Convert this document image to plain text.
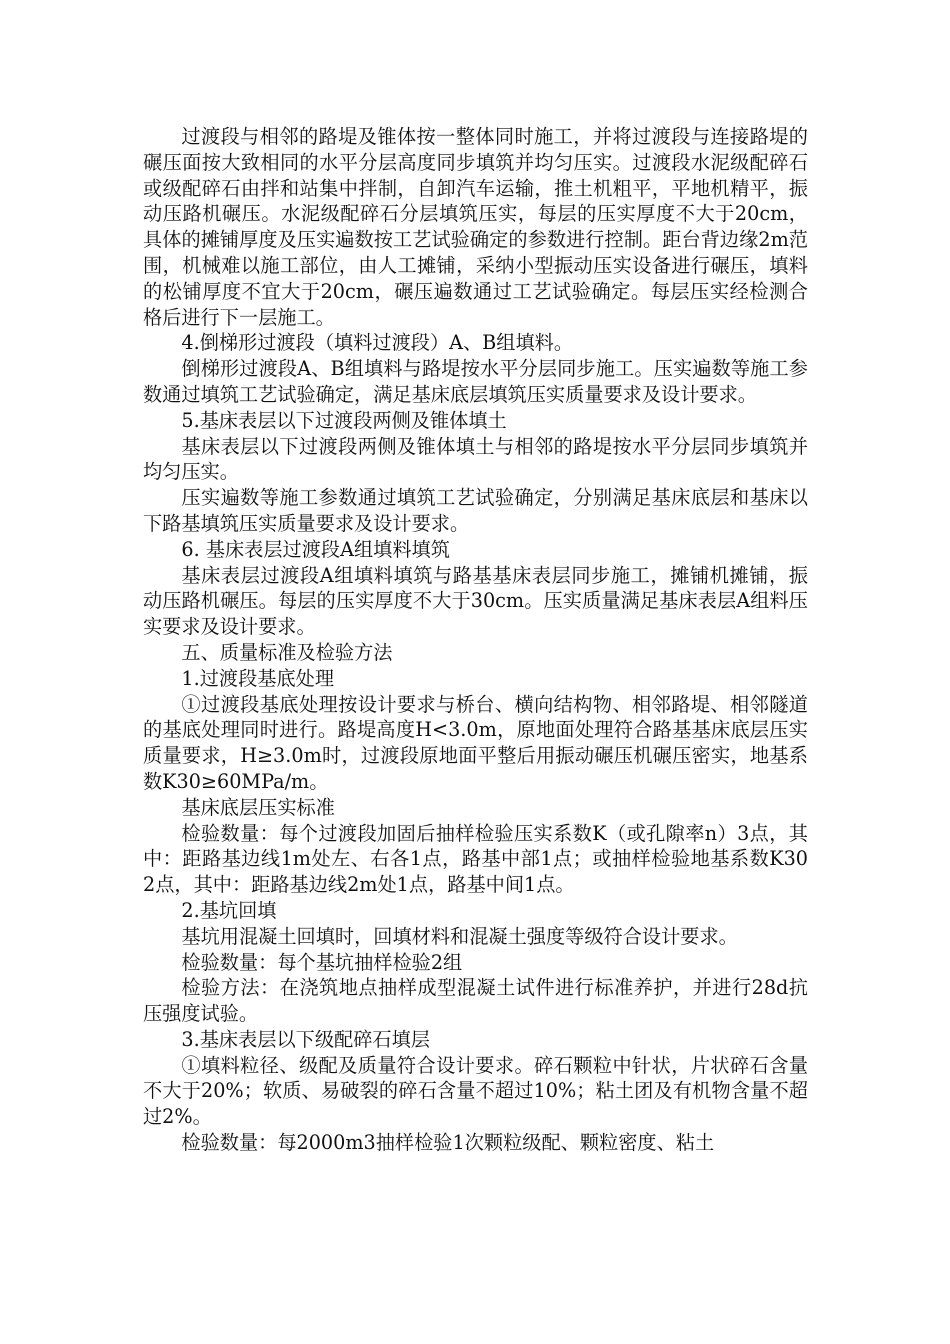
过渡段与相邻的路堤及锥体按一整体同时施工，并将过渡段与连接路堤的碾压面按大致相同的水平分层高度同步填筑并均匀压实。过渡段水泥级配碎石或级配碎石由拌和站集中拌制，自卸汽车运输，推土机粗平，平地机精平，振动压路机碾压。水泥级配碎石分层填筑压实，每层的压实厚度不大于20cm，具体的摊铺厚度及压实遍数按工艺试验确定的参数进行控制。距台背边缘2m范围，机械难以施工部位，由人工摊铺，采纳小型振动压实设备进行碾压，填料的松铺厚度不宜大于20cm，碾压遍数通过工艺试验确定。每层压实经检测合格后进行下一层施工。

4.倒梯形过渡段（填料过渡段）A、B组填料。

倒梯形过渡段A、B组填料与路堤按水平分层同步施工。压实遍数等施工参数通过填筑工艺试验确定，满足基床底层填筑压实质量要求及设计要求。

5.基床表层以下过渡段两侧及锥体填土

基床表层以下过渡段两侧及锥体填土与相邻的路堤按水平分层同步填筑并均匀压实。

压实遍数等施工参数通过填筑工艺试验确定，分别满足基床底层和基床以下路基填筑压实质量要求及设计要求。

6. 基床表层过渡段A组填料填筑

基床表层过渡段A组填料填筑与路基基床表层同步施工，摊铺机摊铺，振动压路机碾压。每层的压实厚度不大于30cm。压实质量满足基床表层A组料压实要求及设计要求。

五、质量标准及检验方法

1.过渡段基底处理

①过渡段基底处理按设计要求与桥台、横向结构物、相邻路堤、相邻隧道的基底处理同时进行。路堤高度H<3.0m，原地面处理符合路基基床底层压实质量要求，H≥3.0m时，过渡段原地面平整后用振动碾压机碾压密实，地基系数K30≥60MPa/m。

基床底层压实标准

检验数量：每个过渡段加固后抽样检验压实系数K（或孔隙率n）3点，其中：距路基边线1m处左、右各1点，路基中部1点；或抽样检验地基系数K30 2点，其中：距路基边线2m处1点，路基中间1点。

2.基坑回填

基坑用混凝土回填时，回填材料和混凝土强度等级符合设计要求。

检验数量：每个基坑抽样检验2组

检验方法：在浇筑地点抽样成型混凝土试件进行标准养护，并进行28d抗压强度试验。

3.基床表层以下级配碎石填层

①填料粒径、级配及质量符合设计要求。碎石颗粒中针状，片状碎石含量不大于20%；软质、易破裂的碎石含量不超过10%；粘土团及有机物含量不超过2%。

检验数量：每2000m3抽样检验1次颗粒级配、颗粒密度、粘土
